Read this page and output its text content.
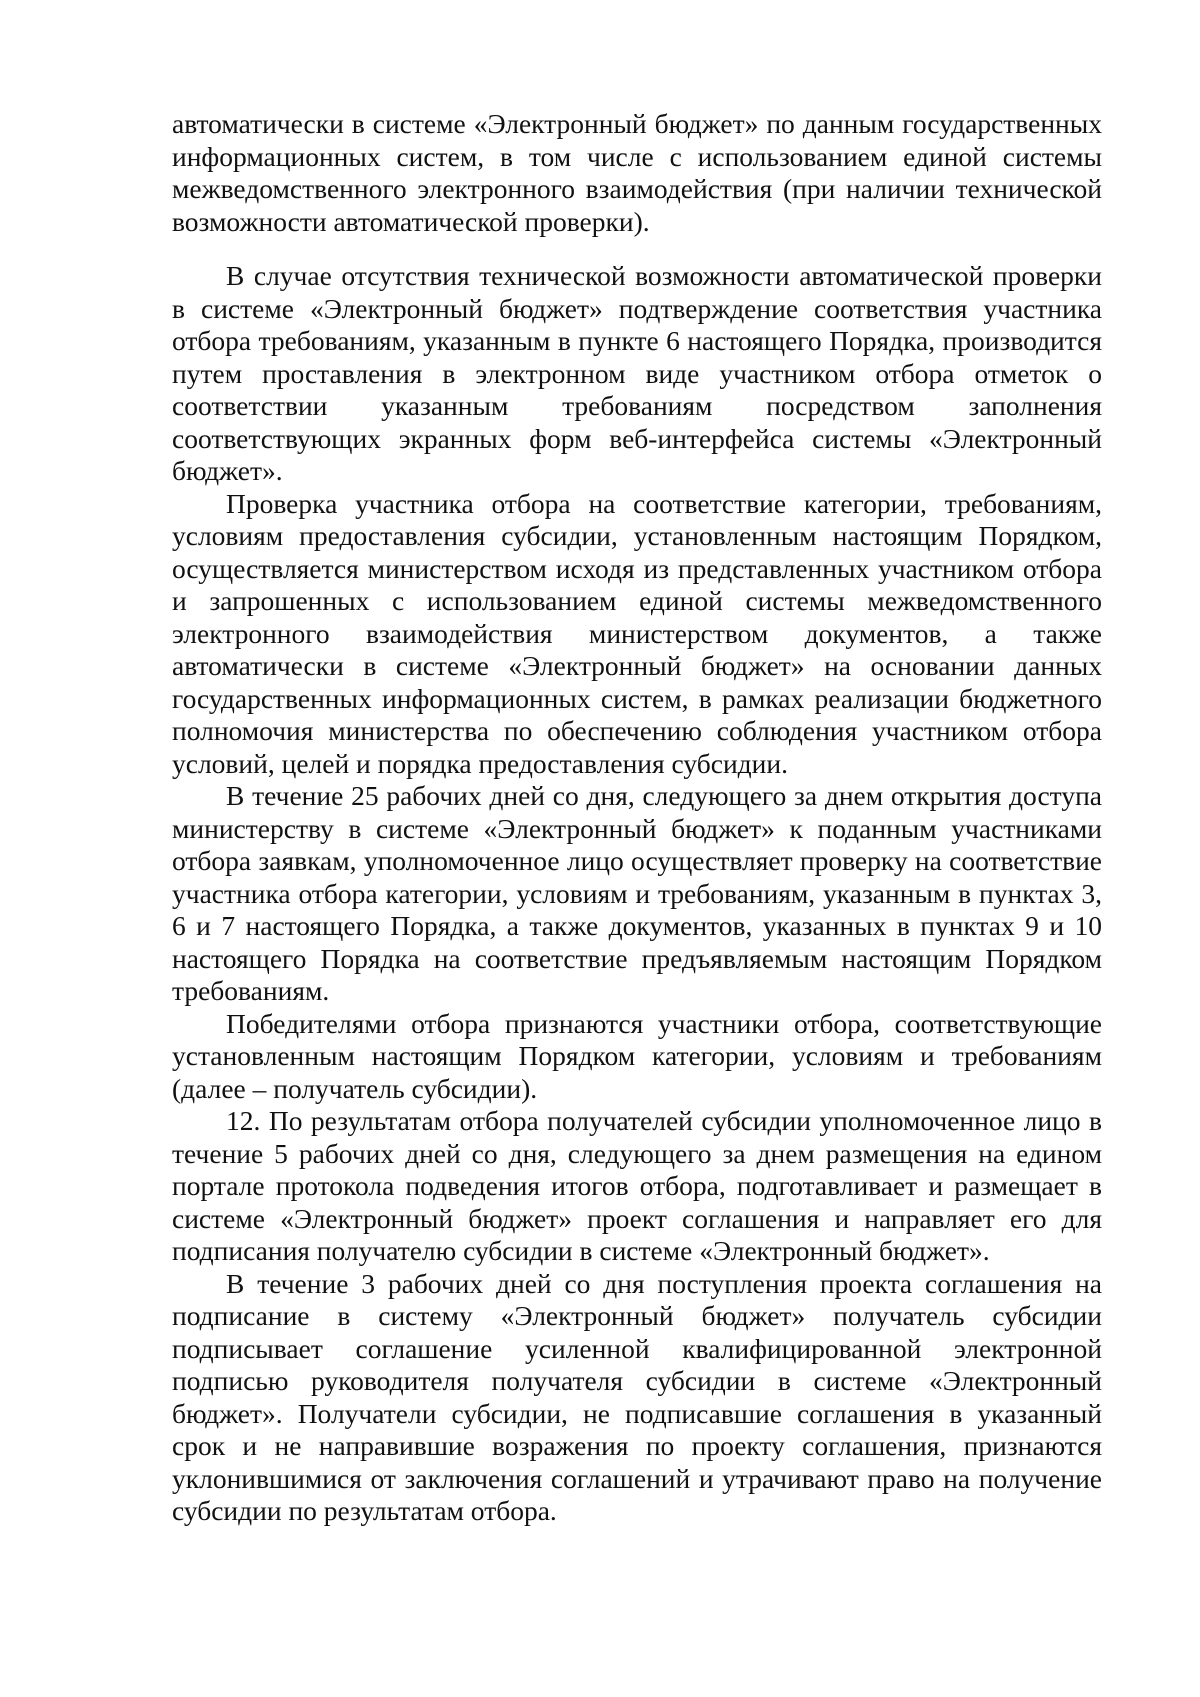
автоматически в системе «Электронный бюджет» по данным государственных информационных систем, в том числе с использованием единой системы межведомственного электронного взаимодействия (при наличии технической возможности автоматической проверки).

В случае отсутствия технической возможности автоматической проверки в системе «Электронный бюджет» подтверждение соответствия участника отбора требованиям, указанным в пункте 6 настоящего Порядка, производится путем проставления в электронном виде участником отбора отметок о соответствии указанным требованиям посредством заполнения соответствующих экранных форм веб-интерфейса системы «Электронный бюджет».

Проверка участника отбора на соответствие категории, требованиям, условиям предоставления субсидии, установленным настоящим Порядком, осуществляется министерством исходя из представленных участником отбора и запрошенных с использованием единой системы межведомственного электронного взаимодействия министерством документов, а также автоматически в системе «Электронный бюджет» на основании данных государственных информационных систем, в рамках реализации бюджетного полномочия министерства по обеспечению соблюдения участником отбора условий, целей и порядка предоставления субсидии.

В течение 25 рабочих дней со дня, следующего за днем открытия доступа министерству в системе «Электронный бюджет» к поданным участниками отбора заявкам, уполномоченное лицо осуществляет проверку на соответствие участника отбора категории, условиям и требованиям, указанным в пунктах 3, 6 и 7 настоящего Порядка, а также документов, указанных в пунктах 9 и 10 настоящего Порядка на соответствие предъявляемым настоящим Порядком требованиям.

Победителями отбора признаются участники отбора, соответствующие установленным настоящим Порядком категории, условиям и требованиям (далее – получатель субсидии).

12. По результатам отбора получателей субсидии уполномоченное лицо в течение 5 рабочих дней со дня, следующего за днем размещения на едином портале протокола подведения итогов отбора, подготавливает и размещает в системе «Электронный бюджет» проект соглашения и направляет его для подписания получателю субсидии в системе «Электронный бюджет».

В течение 3 рабочих дней со дня поступления проекта соглашения на подписание в систему «Электронный бюджет» получатель субсидии подписывает соглашение усиленной квалифицированной электронной подписью руководителя получателя субсидии в системе «Электронный бюджет». Получатели субсидии, не подписавшие соглашения в указанный срок и не направившие возражения по проекту соглашения, признаются уклонившимися от заключения соглашений и утрачивают право на получение субсидии по результатам отбора.
